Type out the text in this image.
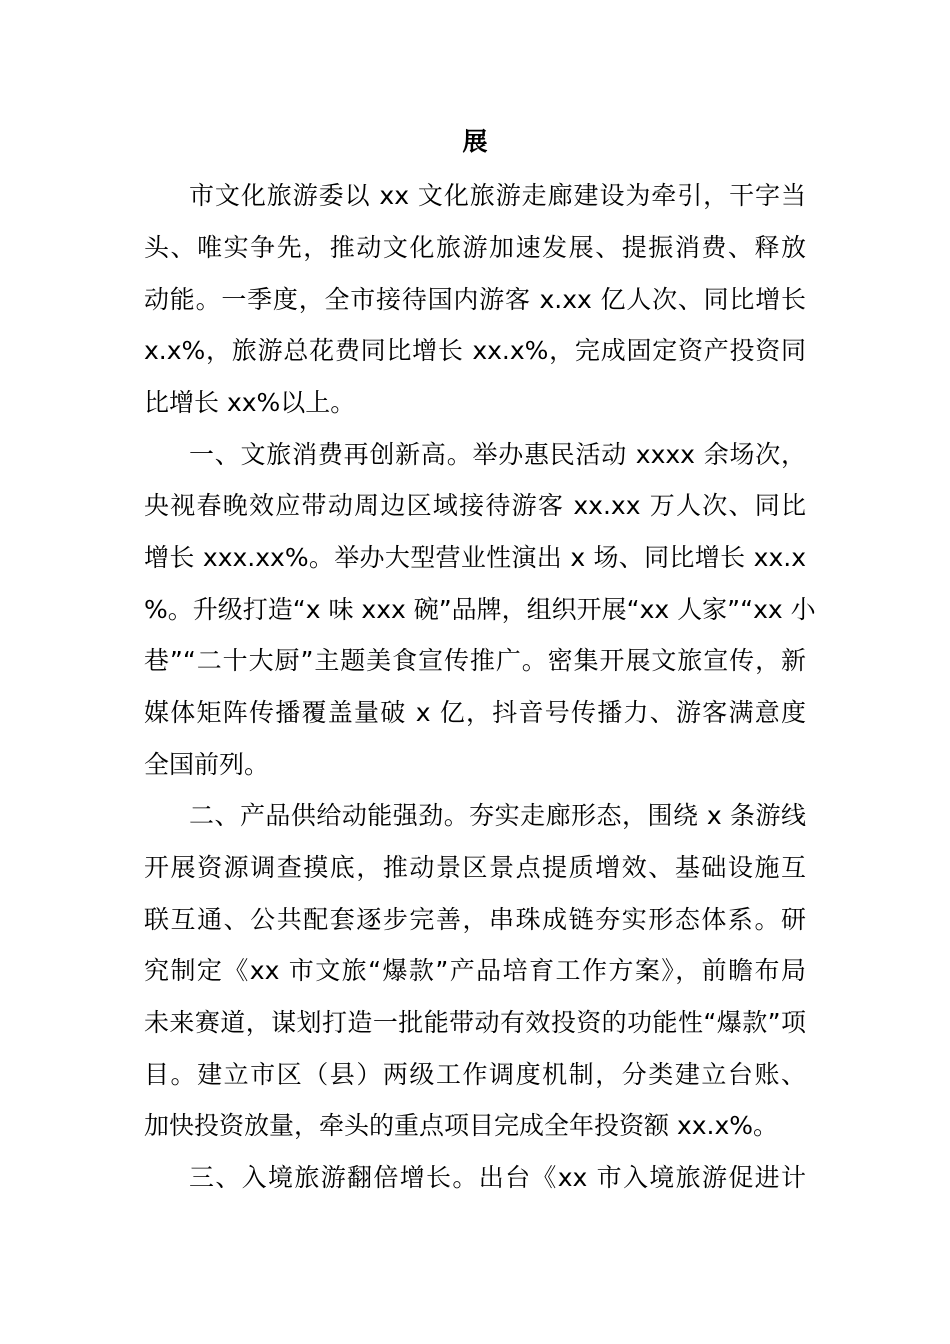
展
市文化旅游委以 xx 文化旅游走廊建设为牵引，干字当
头、唯实争先，推动文化旅游加速发展、提振消费、释放
动能。一季度，全市接待国内游客 x.xx 亿人次、同比增长
x.x%，旅游总花费同比增长 xx.x%，完成固定资产投资同
比增长 xx%以上。
一、文旅消费再创新高。举办惠民活动 xxxx 余场次，
央视春晚效应带动周边区域接待游客 xx.xx 万人次、同比
增长 xxx.xx%。举办大型营业性演出 x 场、同比增长 xx.x
%。升级打造“x 味 xxx 碗”品牌，组织开展“xx 人家”“xx 小
巷”“二十大厨”主题美食宣传推广。密集开展文旅宣传，新
媒体矩阵传播覆盖量破 x 亿，抖音号传播力、游客满意度
全国前列。
二、产品供给动能强劲。夯实走廊形态，围绕 x 条游线
开展资源调查摸底，推动景区景点提质增效、基础设施互
联互通、公共配套逐步完善，串珠成链夯实形态体系。研
究制定《xx 市文旅“爆款”产品培育工作方案》，前瞻布局
未来赛道，谋划打造一批能带动有效投资的功能性“爆款”项
目。建立市区（县）两级工作调度机制，分类建立台账、
加快投资放量，牵头的重点项目完成全年投资额 xx.x%。
三、入境旅游翻倍增长。出台《xx 市入境旅游促进计
